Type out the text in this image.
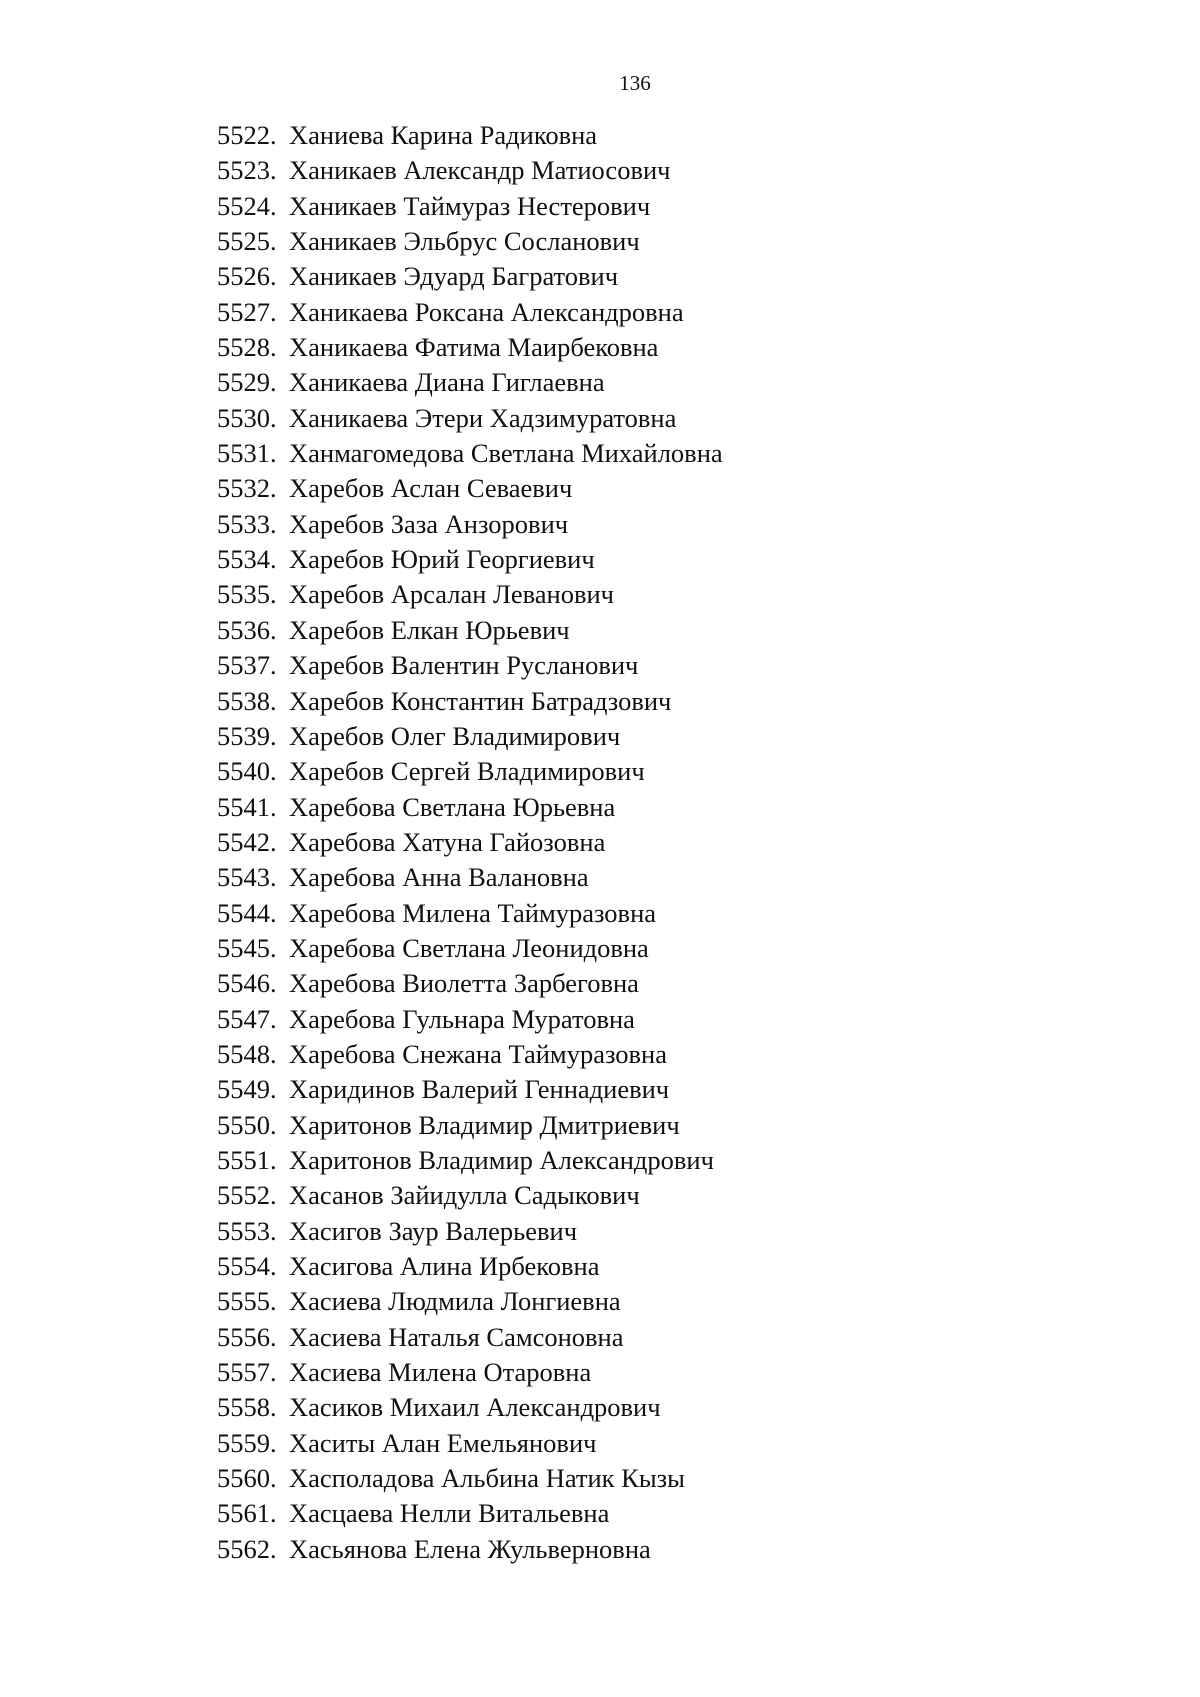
136
5522. Ханиева Карина Радиковна
5523. Ханикаев Александр Матиосович
5524. Ханикаев Таймураз Нестерович
5525. Ханикаев Эльбрус Сосланович
5526. Ханикаев Эдуард Багратович
5527. Ханикаева Роксана Александровна
5528. Ханикаева Фатима Маирбековна
5529. Ханикаева Диана Гиглаевна
5530. Ханикаева Этери Хадзимуратовна
5531. Ханмагомедова Светлана Михайловна
5532. Харебов Аслан Севаевич
5533. Харебов Заза Анзорович
5534. Харебов Юрий Георгиевич
5535. Харебов Арсалан Леванович
5536. Харебов Елкан Юрьевич
5537. Харебов Валентин Русланович
5538. Харебов Константин Батрадзович
5539. Харебов Олег Владимирович
5540. Харебов Сергей Владимирович
5541. Харебова Светлана Юрьевна
5542. Харебова Хатуна Гайозовна
5543. Харебова Анна Валановна
5544. Харебова Милена Таймуразовна
5545. Харебова Светлана Леонидовна
5546. Харебова Виолетта Зарбеговна
5547. Харебова Гульнара Муратовна
5548. Харебова Снежана Таймуразовна
5549. Харидинов Валерий Геннадиевич
5550. Харитонов Владимир Дмитриевич
5551. Харитонов Владимир Александрович
5552. Хасанов Зайидулла Садыкович
5553. Хасигов Заур Валерьевич
5554. Хасигова Алина Ирбековна
5555. Хасиева Людмила Лонгиевна
5556. Хасиева Наталья Самсоновна
5557. Хасиева Милена Отаровна
5558. Хасиков Михаил Александрович
5559. Хаситы Алан Емельянович
5560. Хасполадова Альбина Натик Кызы
5561. Хасцаева Нелли Витальевна
5562. Хасьянова Елена Жульверновна
